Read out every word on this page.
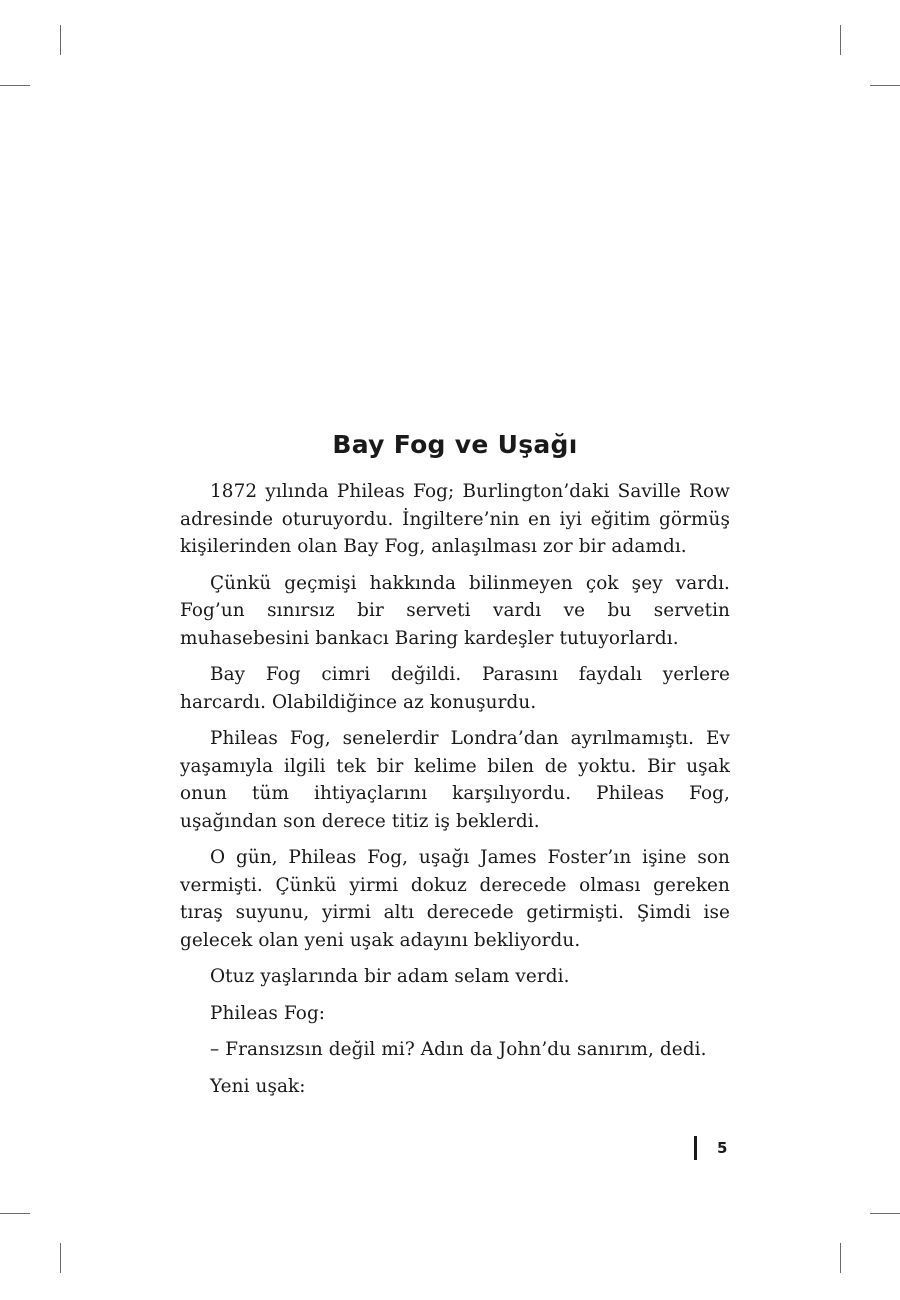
Bay Fog ve Uşağı

1872 yılında Phileas Fog; Burlington’daki Saville Row adresinde oturuyordu. İngiltere’nin en iyi eğitim görmüş kişilerinden olan Bay Fog, anlaşılması zor bir adamdı.

Çünkü geçmişi hakkında bilinmeyen çok şey vardı. Fog’un sınırsız bir serveti vardı ve bu servetin muhasebesini bankacı Baring kardeşler tutuyorlardı.

Bay Fog cimri değildi. Parasını faydalı yerlere harcardı. Olabildiğince az konuşurdu.

Phileas Fog, senelerdir Londra’dan ayrılmamıştı. Ev yaşamıyla ilgili tek bir kelime bilen de yoktu. Bir uşak onun tüm ihtiyaçlarını karşılıyordu. Phileas Fog, uşağından son derece titiz iş beklerdi.

O gün, Phileas Fog, uşağı James Foster’ın işine son vermişti. Çünkü yirmi dokuz derecede olması gereken tıraş suyunu, yirmi altı derecede getirmişti. Şimdi ise gelecek olan yeni uşak adayını bekliyordu.

Otuz yaşlarında bir adam selam verdi.

Phileas Fog:

– Fransızsın değil mi? Adın da John’du sanırım, dedi.

Yeni uşak:

5
